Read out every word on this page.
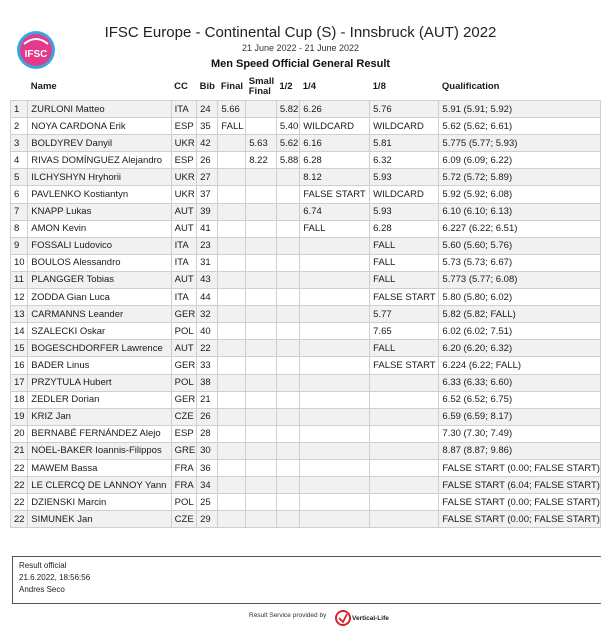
IFSC
IFSC Europe - Continental Cup (S) - Innsbruck (AUT) 2022
21 June 2022 - 21 June 2022
Men Speed Official General Result
	Name	CC	Bib	Final	Small Final	1/2	1/4	1/8	Qualification
1	ZURLONI Matteo	ITA	24	5.66		5.82	6.26	5.76	5.91 (5.91; 5.92)
2	NOYA CARDONA Erik	ESP	35	FALL		5.40	WILDCARD	WILDCARD	5.62 (5.62; 6.61)
3	BOLDYREV Danyil	UKR	42		5.63	5.62	6.16	5.81	5.775 (5.77; 5.93)
4	RIVAS DOMÍNGUEZ Alejandro	ESP	26		8.22	5.88	6.28	6.32	6.09 (6.09; 6.22)
5	ILCHYSHYN Hryhorii	UKR	27				8.12	5.93	5.72 (5.72; 5.89)
6	PAVLENKO Kostiantyn	UKR	37				FALSE START	WILDCARD	5.92 (5.92; 6.08)
7	KNAPP Lukas	AUT	39				6.74	5.93	6.10 (6.10; 6.13)
8	AMON Kevin	AUT	41				FALL	6.28	6.227 (6.22; 6.51)
9	FOSSALI Ludovico	ITA	23					FALL	5.60 (5.60; 5.76)
10	BOULOS Alessandro	ITA	31					FALL	5.73 (5.73; 6.67)
11	PLANGGER Tobias	AUT	43					FALL	5.773 (5.77; 6.08)
12	ZODDA Gian Luca	ITA	44					FALSE START	5.80 (5.80; 6.02)
13	CARMANNS Leander	GER	32					5.77	5.82 (5.82; FALL)
14	SZALECKI Oskar	POL	40					7.65	6.02 (6.02; 7.51)
15	BOGESCHDORFER Lawrence	AUT	22					FALL	6.20 (6.20; 6.32)
16	BADER Linus	GER	33					FALSE START	6.224 (6.22; FALL)
17	PRZYTULA Hubert	POL	38						6.33 (6.33; 6.60)
18	ZEDLER Dorian	GER	21						6.52 (6.52; 6.75)
19	KRIZ Jan	CZE	26						6.59 (6.59; 8.17)
20	BERNABÉ FERNÁNDEZ Alejo	ESP	28						7.30 (7.30; 7.49)
21	NOEL-BAKER Ioannis-Filippos	GRE	30						8.87 (8.87; 9.86)
22	MAWEM Bassa	FRA	36						FALSE START (0.00; FALSE START)
22	LE CLERCQ DE LANNOY Yann	FRA	34						FALSE START (6.04; FALSE START)
22	DZIENSKI Marcin	POL	25						FALSE START (0.00; FALSE START)
22	SIMUNEK Jan	CZE	29						FALSE START (0.00; FALSE START)
Result official
21.6.2022, 18:56:56
Andres Seco
Result Service provided by	Vertical-Life
